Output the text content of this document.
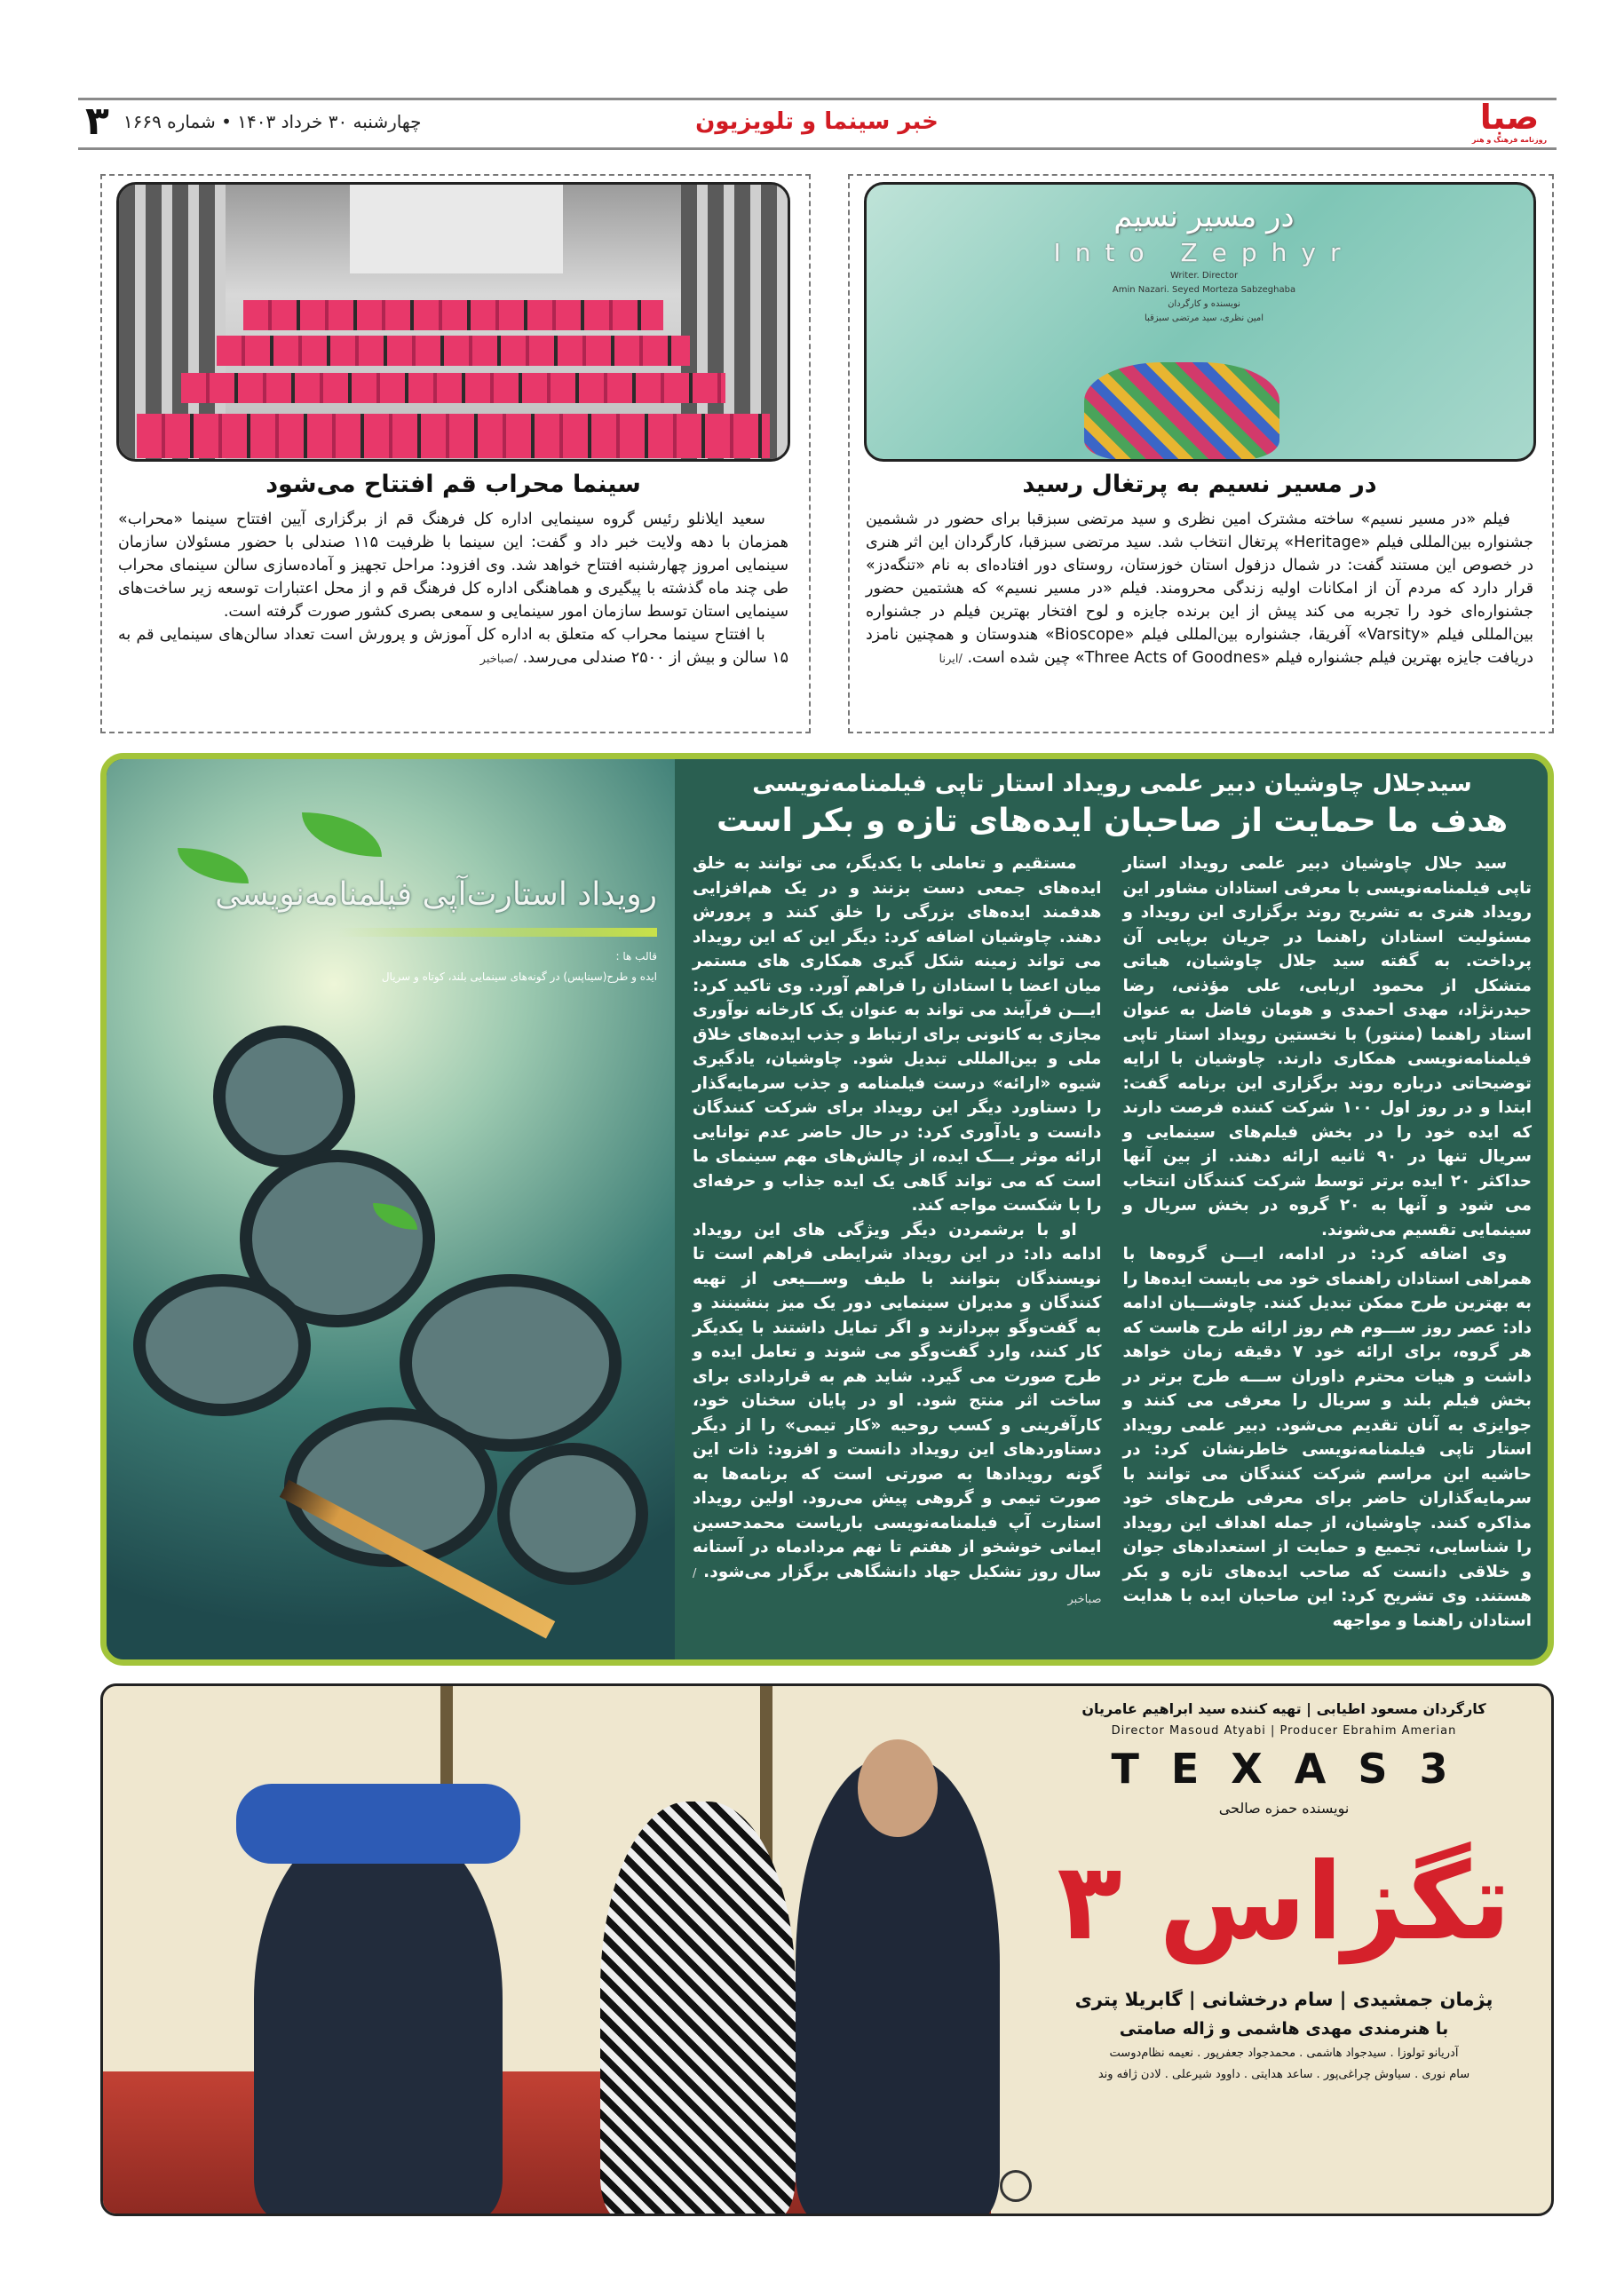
۳ چهارشنبه ۳۰ خرداد ۱۴۰۳ • شماره ۱۶۶۹	خبر سینما و تلویزیون	صبا
روزنامه فرهنگ و هنر
در مسیر نسیم
Into Zephyr
Writer. Director
Amin Nazari. Seyed Morteza Sabzeghaba
نویسنده و کارگردان
امین نظری، سید مرتضی سبزقبا
در مسیر نسیم به پرتغال رسید

فیلم «در مسیر نسیم» ساخته مشترک امین نظری و سید مرتضی سبزقبا برای حضور در ششمین جشنواره بین‌المللی فیلم «Heritage» پرتغال انتخاب شد. سید مرتضی سبزقبا، کارگردان این اثر هنری در خصوص این مستند گفت: در شمال دزفول استان خوزستان، روستای دور افتاده‌ای به نام «تنگه‌دز» قرار دارد که مردم آن از امکانات اولیه زندگی محرومند. فیلم «در مسیر نسیم» که هشتمین حضور جشنواره‌ای خود را تجربه می کند پیش از این برنده جایزه و لوح افتخار بهترین فیلم در جشنواره بین‌المللی فیلم «Varsity» آفریقا، جشنواره بین‌المللی فیلم «Bioscope» هندوستان و همچنین نامزد دریافت جایزه بهترین فیلم جشنواره فیلم «Three Acts of Goodnes» چین شده است. /ایرنا

سینما محراب قم افتتاح می‌شود

سعید ایلانلو رئیس گروه سینمایی اداره کل فرهنگ قم از برگزاری آیین افتتاح سینما «محراب» همزمان با دهه ولایت خبر داد و گفت: این سینما با ظرفیت ۱۱۵ صندلی با حضور مسئولان سازمان سینمایی امروز چهارشنبه افتتاح خواهد شد. وی افزود: مراحل تجهیز و آماده‌سازی سالن سینمای محراب طی چند ماه گذشته با پیگیری و هماهنگی اداره کل فرهنگ قم و از محل اعتبارات توسعه زیر ساخت‌های سینمایی استان توسط سازمان امور سینمایی و سمعی بصری کشور صورت گرفته است.

با افتتاح سینما محراب که متعلق به اداره کل آموزش و پرورش است تعداد سالن‌های سینمایی قم به ۱۵ سالن و بیش از ۲۵۰۰ صندلی می‌رسد. /صباخبر

رویداد استارت‌آپی فیلمنامه‌نویسی
قالب ها :
ایده و طرح(سیناپس) در گونه‌های سینمایی بلند، کوتاه و سریال
سیدجلال چاوشیان دبیر علمی رویداد استار تاپی فیلمنامه‌نویسی
هدف ما حمایت از صاحبان ایده‌های تازه و بکر است

سید جلال چاوشیان دبیر علمی رویداد استار تاپی فیلمنامه‌نویسی با معرفی استادان مشاور این رویداد هنری به تشریح روند برگزاری این رویداد و مسئولیت استادان راهنما در جریان برپایی آن پرداخت. به گفته سید جلال چاوشیان، هیاتی متشکل از محمود اربابی، علی مؤذنی، رضا حیدرنژاد، مهدی احمدی و هومان فاضل به عنوان استاد راهنما (منتور) با نخستین رویداد استار تاپی فیلمنامه‌نویسی همکاری دارند. چاوشیان با ارایه توضیحاتی درباره روند برگزاری این برنامه گفت: ابتدا و در روز اول ۱۰۰ شرکت کننده فرصت دارند که ایده خود را در بخش فیلم‌های سینمایی و سریال تنها در ۹۰ ثانیه ارائه دهند. از بین آنها حداکثر ۲۰ ایده برتر توسط شرکت کنندگان انتخاب می شود و آنها به ۲۰ گروه در بخش سریال و سینمایی تقسیم می‌شوند.

وی اضافه کرد: در ادامه، ایـــن گروه‌ها با همراهی استادان راهنمای خود می بایست ایده‌ها را به بهترین طرح ممکن تبدیل کنند. چاوشـــیان ادامه داد: عصر روز ســـوم هم روز ارائه طرح هاست که هر گروه، برای ارائه خود ۷ دقیقه زمان خواهد داشت و هیات محترم داوران ســـه طرح برتر در بخش فیلم بلند و سریال را معرفی می کنند و جوایزی به آنان تقدیم می‌شود. دبیر علمی رویداد استار تاپی فیلمنامه‌نویسی خاطرنشان کرد: در حاشیه این مراسم شرکت کنندگان می توانند با سرمایه‌گذاران حاضر برای معرفی طرح‌های خود مذاکره کنند. چاوشیان، از جمله اهداف این رویداد را شناسایی، تجمیع و حمایت از استعدادهای جوان و خلاقی دانست که صاحب ایده‌های تازه و بکر هستند. وی تشریح کرد: این صاحبان ایده با هدایت استادان راهنما و مواجهه

مستقیم و تعاملی با یکدیگر، می توانند به خلق ایده‌های جمعی دست بزنند و در یک هم‌افزایی هدفمند ایده‌های بزرگی را خلق کنند و پرورش دهند. چاوشیان اضافه کرد: دیگر این که این رویداد می تواند زمینه شکل گیری همکاری های مستمر میان اعضا با استادان را فراهم آورد. وی تاکید کرد: ایـــن فرآیند می تواند به عنوان یک کارخانه نوآوری مجازی به کانونی برای ارتباط و جذب ایده‌های خلاق ملی و بین‌المللی تبدیل شود. چاوشیان، یادگیری شیوه «ارائه» درست فیلمنامه و جذب سرمایه‌گذار را دستاورد دیگر این رویداد برای شرکت کنندگان دانست و یادآوری کرد: در حال حاضر عدم توانایی ارائه موثر یـــک ایده، از چالش‌های مهم سینمای ما است که می تواند گاهی یک ایده جذاب و حرفه‌ای را با شکست مواجه کند.

او با برشمردن دیگر ویژگی های این رویداد ادامه داد: در این رویداد شرایطی فراهم است تا نویسندگان بتوانند با طیف وســـیعی از تهیه کنندگان و مدیران سینمایی دور یک میز بنشینند و به گفت‌وگو بپردازند و اگر تمایل داشتند با یکدیگر کار کنند، وارد گفت‌وگو می شوند و تعامل ایده و طرح صورت می گیرد. شاید هم به قراردادی برای ساخت اثر منتج شود. او در پایان سخنان خود، کارآفرینی و کسب روحیه «کار تیمی» را از دیگر دستاوردهای این رویداد دانست و افزود: ذات این گونه رویدادها به صورتی است که برنامه‌ها به صورت تیمی و گروهی پیش می‌رود. اولین رویداد استارت آپ فیلمنامه‌نویسی باریاست محمدحسین ایمانی خوشخو از هفتم تا نهم مردادماه در آستانه سال روز تشکیل جهاد دانشگاهی برگزار می‌شود. /صباخبر

کارگردان مسعود اطیابی | تهیه کننده سید ابراهیم عامریان
Director Masoud Atyabi | Producer Ebrahim Amerian
T E X A S 3
نویسنده حمزه صالحی
تگزاس ۳
پژمان جمشیدی | سام درخشانی | گابریلا پتری
با هنرمندی مهدی هاشمی و ژاله صامتی
آدریانو تولوزا . سیدجواد هاشمی . محمدجواد جعفرپور . نعیمه نظام‌دوست
سام نوری . سیاوش چراغی‌پور . ساعد هدایتی . داوود شیرعلی . لادن ژافه وند
